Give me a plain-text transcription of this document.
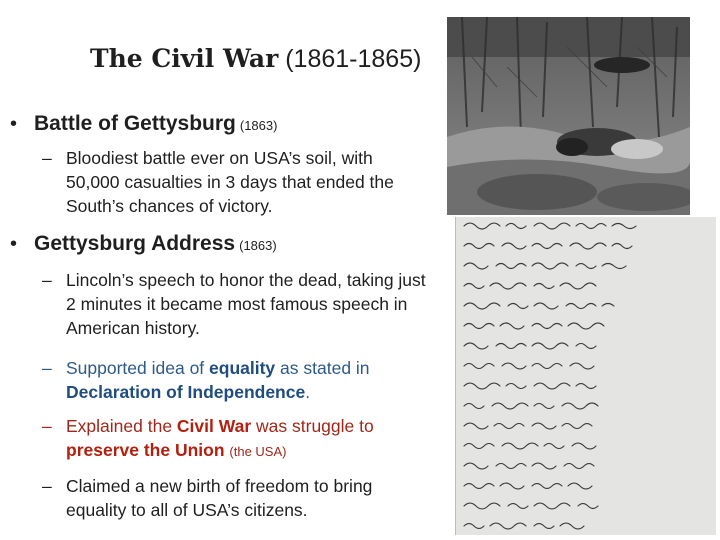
The Civil War (1861-1865)
• Battle of Gettysburg (1863)
– Bloodiest battle ever on USA’s soil, with 50,000 casualties in 3 days that ended the South’s chances of victory.
• Gettysburg Address (1863)
– Lincoln’s speech to honor the dead, taking just 2 minutes it became most famous speech in American history.
– Supported idea of equality as stated in Declaration of Independence.
– Explained the Civil War was struggle to preserve the Union (the USA)
– Claimed a new birth of freedom to bring equality to all of USA’s citizens.
